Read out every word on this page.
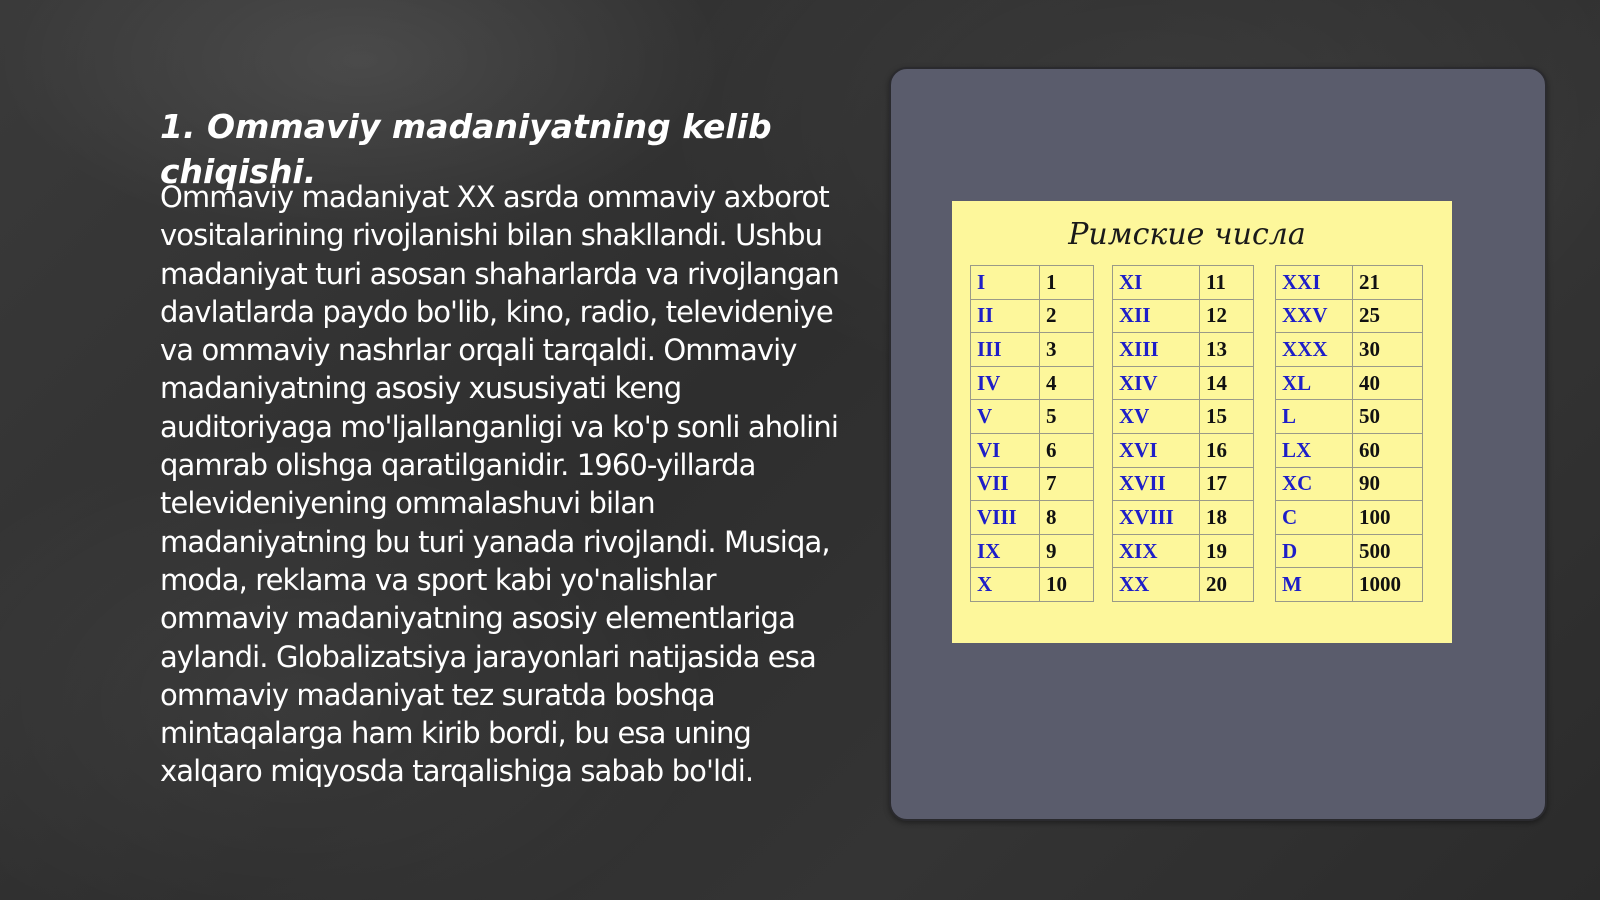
1. Ommaviy madaniyatning kelib chiqishi.

Ommaviy madaniyat XX asrda ommaviy axborot vositalarining rivojlanishi bilan shakllandi. Ushbu madaniyat turi asosan shaharlarda va rivojlangan davlatlarda paydo bo'lib, kino, radio, televideniye va ommaviy nashrlar orqali tarqaldi. Ommaviy madaniyatning asosiy xususiyati keng auditoriyaga mo'ljallanganligi va ko'p sonli aholini qamrab olishga qaratilganidir. 1960-yillarda televideniyening ommalashuvi bilan madaniyatning bu turi yanada rivojlandi. Musiqa, moda, reklama va sport kabi yo'nalishlar ommaviy madaniyatning asosiy elementlariga aylandi. Globalizatsiya jarayonlari natijasida esa ommaviy madaniyat tez suratda boshqa mintaqalarga ham kirib bordi, bu esa uning xalqaro miqyosda tarqalishiga sabab bo'ldi.

Римские числа
I	1
II	2
III	3
IV	4
V	5
VI	6
VII	7
VIII	8
IX	9
X	10
XI	11
XII	12
XIII	13
XIV	14
XV	15
XVI	16
XVII	17
XVIII	18
XIX	19
XX	20
XXI	21
XXV	25
XXX	30
XL	40
L	50
LX	60
XC	90
C	100
D	500
M	1000
